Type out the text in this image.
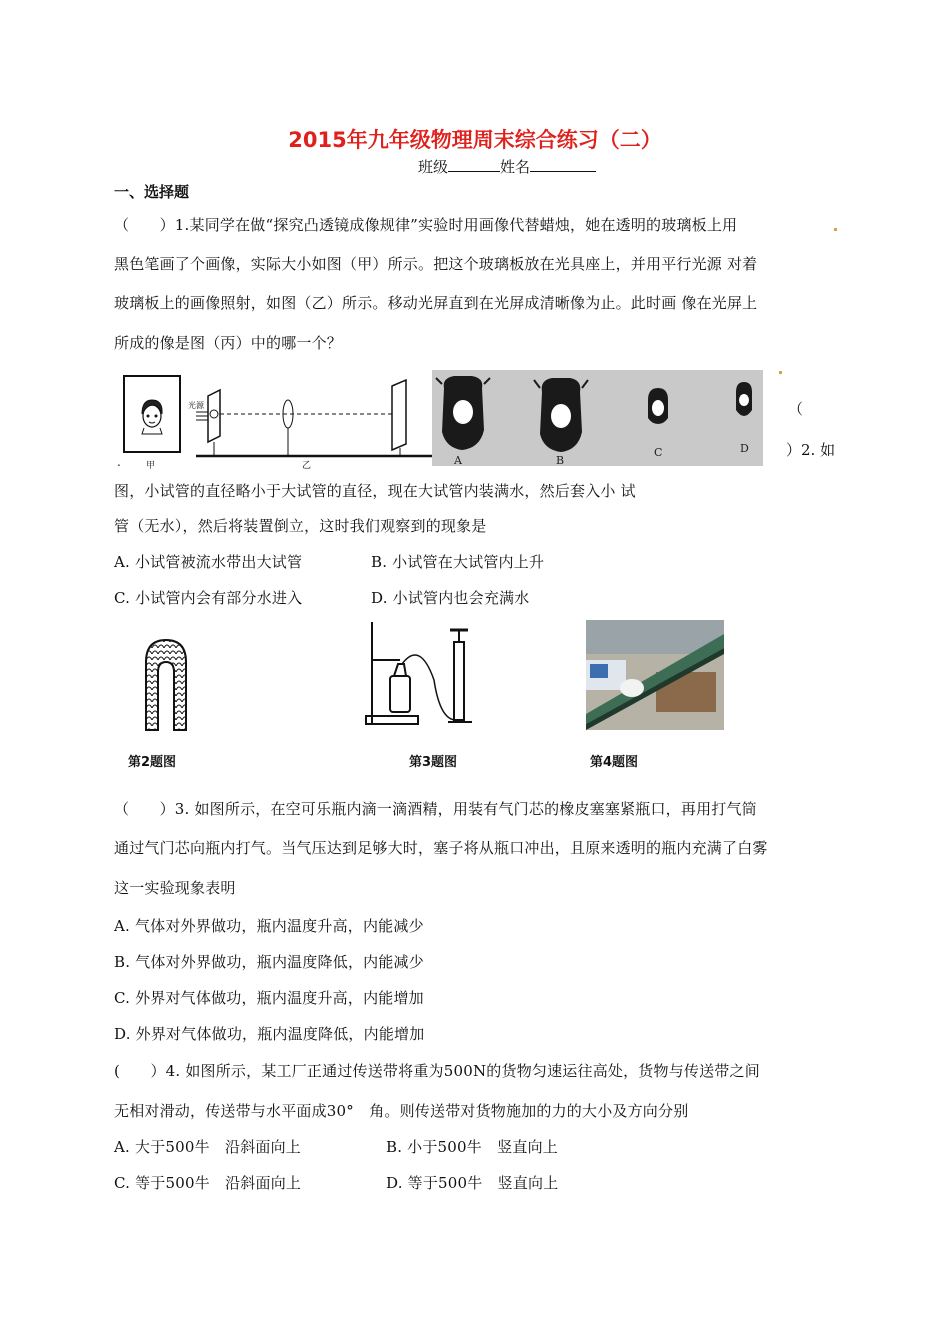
2015年九年级物理周末综合练习（二）
班级	姓名
一、选择题
（　　）1.某同学在做“探究凸透镜成像规律”实验时用画像代替蜡烛，她在透明的玻璃板上用
黑色笔画了个画像，实际大小如图（甲）所示。把这个玻璃板放在光具座上，并用平行光源 对着
玻璃板上的画像照射，如图（乙）所示。移动光屏直到在光屏成清晰像为止。此时画 像在光屏上
所成的像是图（丙）中的哪一个？
光源
甲	乙
.	A	B
C	D
（
）2. 如
图，小试管的直径略小于大试管的直径，现在大试管内装满水，然后套入小 试
管（无水），然后将装置倒立，这时我们观察到的现象是
A. 小试管被流水带出大试管	B. 小试管在大试管内上升
C. 小试管内会有部分水进入	D. 小试管内也会充满水
第2题图	第3题图	第4题图
（　　）3. 如图所示，在空可乐瓶内滴一滴酒精，用装有气门芯的橡皮塞塞紧瓶口，再用打气筒
通过气门芯向瓶内打气。当气压达到足够大时，塞子将从瓶口冲出，且原来透明的瓶内充满了白雾
这一实验现象表明
A. 气体对外界做功，瓶内温度升高，内能减少
B. 气体对外界做功，瓶内温度降低，内能减少
C. 外界对气体做功，瓶内温度升高，内能增加
D. 外界对气体做功，瓶内温度降低，内能增加
(　　）4. 如图所示，某工厂正通过传送带将重为500N的货物匀速运往高处，货物与传送带之间
无相对滑动，传送带与水平面成30°　角。则传送带对货物施加的力的大小及方向分别
A. 大于500牛　沿斜面向上	B. 小于500牛　竖直向上
C. 等于500牛　沿斜面向上	D. 等于500牛　竖直向上
